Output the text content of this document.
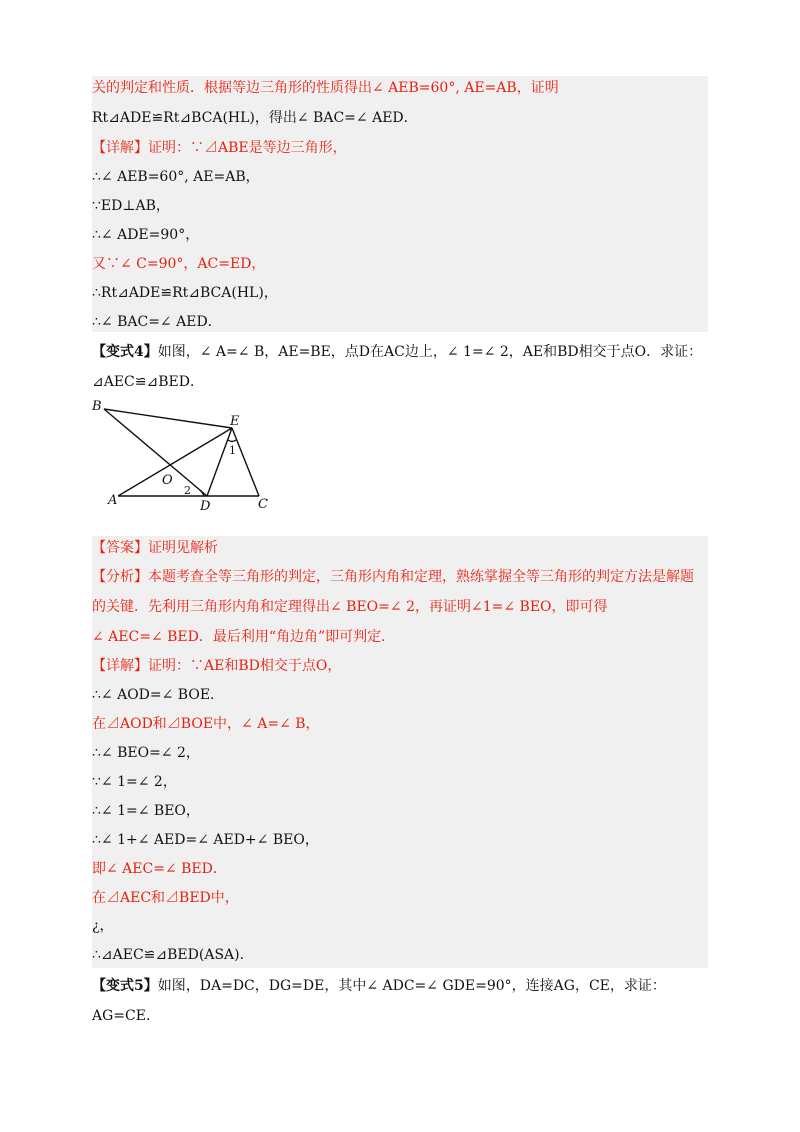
关的判定和性质．根据等边三角形的性质得出∠ AEB=60°, AE=AB，证明
Rt⊿ADE≌Rt⊿BCA(HL)，得出∠ BAC=∠ AED．
【详解】证明：∵⊿ABE是等边三角形，
∴∠ AEB=60°, AE=AB，
∵ED⊥AB，
∴∠ ADE=90°，
又∵∠ C=90°，AC=ED，
∴Rt⊿ADE≌Rt⊿BCA(HL)，
∴∠ BAC=∠ AED．
【变式4】如图，∠ A=∠ B，AE=BE，点D在AC边上，∠ 1=∠ 2，AE和BD相交于点O．求证：
⊿AEC≌⊿BED．
B
E
O
A	D	C
1
2
【答案】证明见解析
【分析】本题考查全等三角形的判定，三角形内角和定理，熟练掌握全等三角形的判定方法是解题
的关键．先利用三角形内角和定理得出∠ BEO=∠ 2，再证明∠1=∠ BEO，即可得
∠ AEC=∠ BED．最后利用“角边角”即可判定．
【详解】证明：∵AE和BD相交于点O，
∴∠ AOD=∠ BOE．
在⊿AOD和⊿BOE中，∠ A=∠ B，
∴∠ BEO=∠ 2，
∵∠ 1=∠ 2，
∴∠ 1=∠ BEO，
∴∠ 1+∠ AED=∠ AED+∠ BEO，
即∠ AEC=∠ BED．
在⊿AEC和⊿BED中，
¿，
∴⊿AEC≌⊿BED(ASA)．
【变式5】如图，DA=DC，DG=DE，其中∠ ADC=∠ GDE=90°，连接AG，CE，求证：
AG=CE．
